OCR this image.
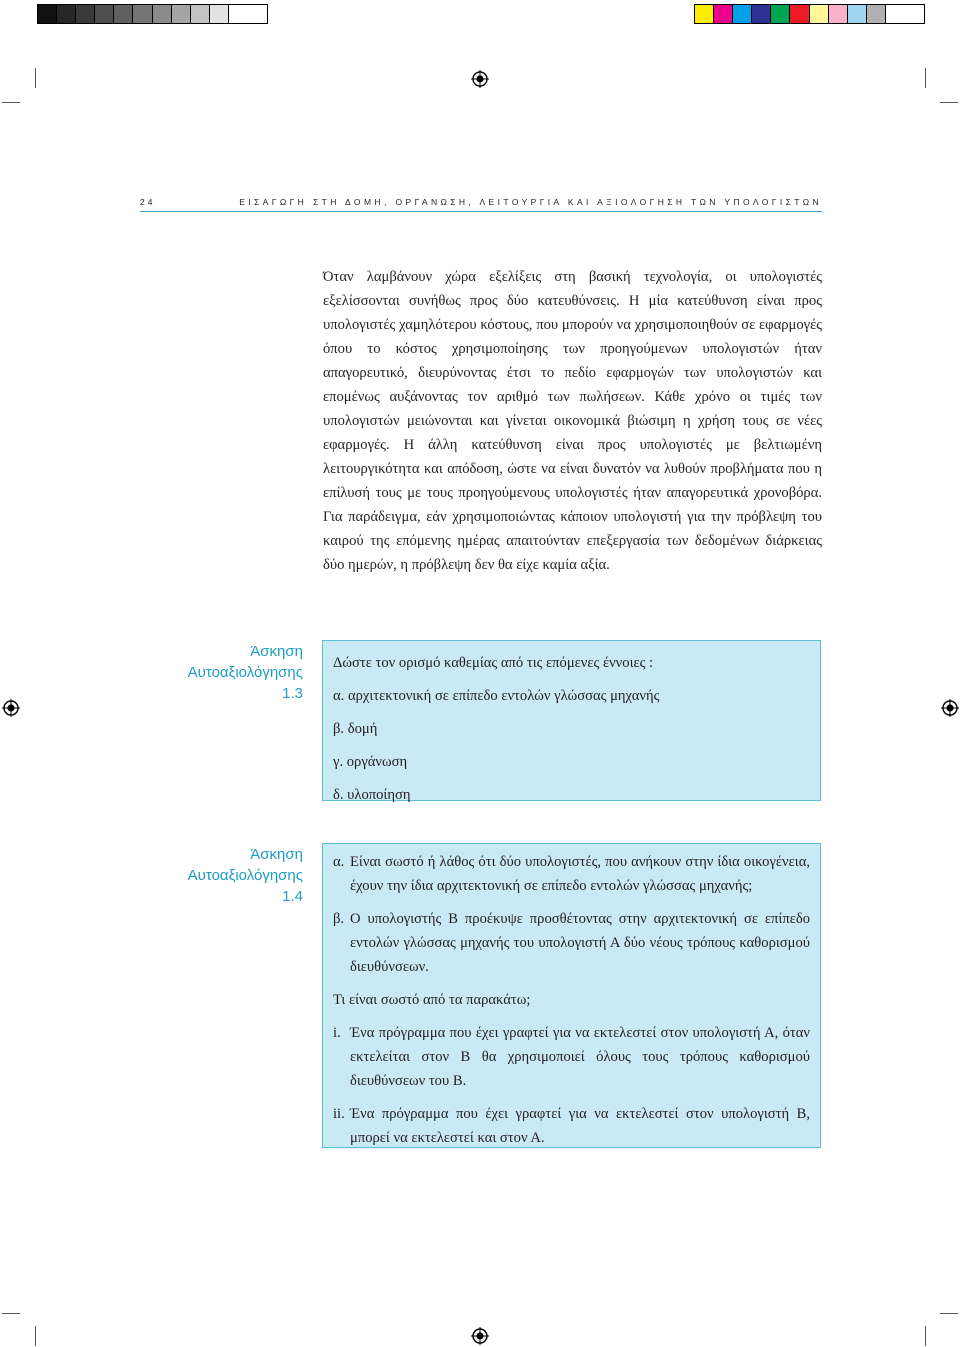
24	ΕΙΣΑΓΩΓΗ ΣΤΗ ΔΟΜΗ, ΟΡΓΑΝΩΣΗ, ΛΕΙΤΟΥΡΓΙΑ ΚΑΙ ΑΞΙΟΛΟΓΗΣΗ ΤΩΝ ΥΠΟΛΟΓΙΣΤΩΝ

Όταν λαμβάνουν χώρα εξελίξεις στη βασική τεχνολογία, οι υπολογιστές εξελίσσονται συνήθως προς δύο κατευθύνσεις. Η μία κατεύθυνση είναι προς υπολογιστές χαμηλότερου κόστους, που μπορούν να χρησιμοποιηθούν σε εφαρμογές όπου το κόστος χρησιμοποίησης των προηγούμενων υπολογιστών ήταν απαγορευτικό, διευρύνοντας έτσι το πεδίο εφαρμογών των υπολογιστών και επομένως αυξάνοντας τον αριθμό των πωλήσεων. Κάθε χρόνο οι τιμές των υπολογιστών μειώνονται και γίνεται οικονομικά βιώσιμη η χρήση τους σε νέες εφαρμογές. Η άλλη κατεύθυνση είναι προς υπολογιστές με βελτιωμένη λειτουργικότητα και απόδοση, ώστε να είναι δυνατόν να λυθούν προβλήματα που η επίλυσή τους με τους προηγούμενους υπολογιστές ήταν απαγορευτικά χρονοβόρα. Για παράδειγμα, εάν χρησιμοποιώντας κάποιον υπολογιστή για την πρόβλεψη του καιρού της επόμενης ημέρας απαιτούνταν επεξεργασία των δεδομένων διάρκειας δύο ημερών, η πρόβλεψη δεν θα είχε καμία αξία.

Άσκηση
Αυτοαξιολόγησης
1.3

Δώστε τον ορισμό καθεμίας από τις επόμενες έννοιες :

α. αρχιτεκτονική σε επίπεδο εντολών γλώσσας μηχανής

β. δομή

γ. οργάνωση

δ. υλοποίηση

Άσκηση
Αυτοαξιολόγησης
1.4
α. Είναι σωστό ή λάθος ότι δύο υπολογιστές, που ανήκουν στην ίδια οικογένεια, έχουν την ίδια αρχιτεκτονική σε επίπεδο εντολών γλώσσας μηχανής;
β. Ο υπολογιστής Β προέκυψε προσθέτοντας στην αρχιτεκτονική σε επίπεδο εντολών γλώσσας μηχανής του υπολογιστή Α δύο νέους τρόπους καθορισμού διευθύνσεων.
Τι είναι σωστό από τα παρακάτω;
i. Ένα πρόγραμμα που έχει γραφτεί για να εκτελεστεί στον υπολογιστή Α, όταν εκτελείται στον Β θα χρησιμοποιεί όλους τους τρόπους καθορισμού διευθύνσεων του Β.
ii. Ένα πρόγραμμα που έχει γραφτεί για να εκτελεστεί στον υπολογιστή Β, μπορεί να εκτελεστεί και στον Α.
